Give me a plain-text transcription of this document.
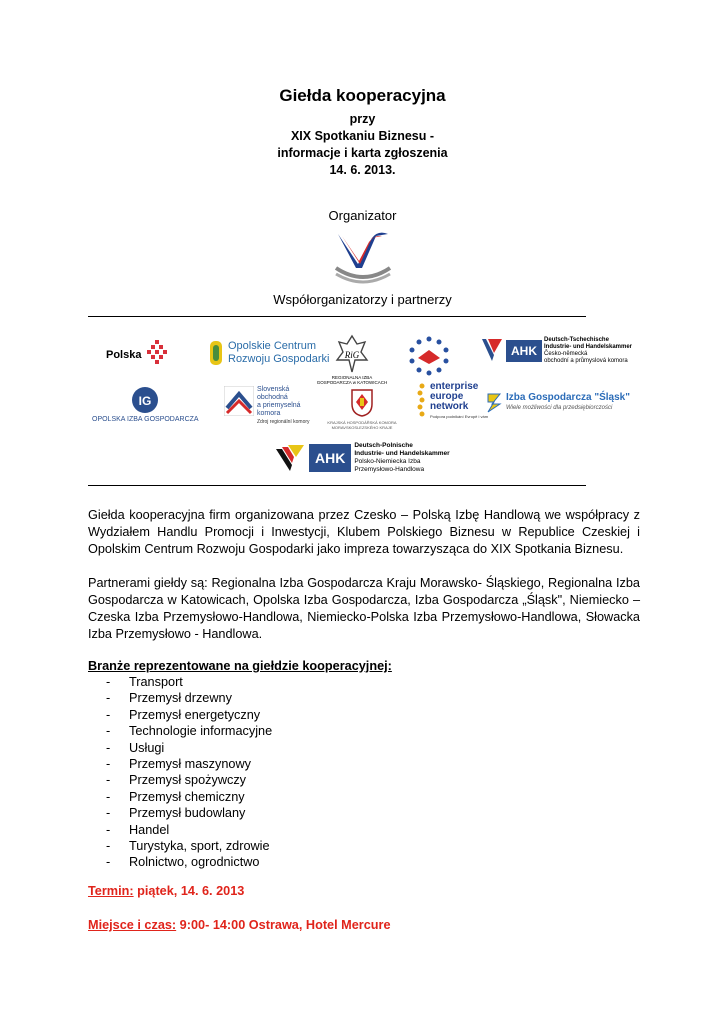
Giełda kooperacyjna
przy
XIX Spotkaniu Biznesu -
informacje i karta zgłoszenia
14. 6. 2013.
Organizator
Współorganizatorzy i partnerzy
Polska
Opolskie Centrum
Rozwoju Gospodarki RiG
REGIONALNA IZBA GOSPODARCZA w KATOWICACH
AHK
Deutsch-Tschechische
Industrie- und Handelskammer
Česko-německá
obchodní a průmyslová komora
IG
OPOLSKA IZBA GOSPODARCZA
Slovenská
obchodná
a priemyselná
komora
Zdroj regionální komory	KRAJSKÁ HOSPODÁŘSKÁ KOMORA MORAVSKOSLEZSKÉHO KRAJE
enterprise
europe
network
Podpora podnikání Evropě i vám
Izba Gospodarcza "Śląsk"
Wiele możliwości dla przedsiębiorczości
AHK
Deutsch-Polnische
Industrie- und Handelskammer
Polsko-Niemiecka Izba
Przemysłowo-Handlowa
Giełda kooperacyjna firm organizowana przez Czesko – Polską Izbę Handlową we współpracy z Wydziałem Handlu Promocji i Inwestycji, Klubem Polskiego Biznesu w Republice Czeskiej i Opolskim Centrum Rozwoju Gospodarki jako impreza towarzysząca do XIX Spotkania Biznesu.
Partnerami giełdy są: Regionalna Izba Gospodarcza Kraju Morawsko- Śląskiego, Regionalna Izba Gospodarcza w Katowicach, Opolska Izba Gospodarcza, Izba Gospodarcza „Śląsk", Niemiecko – Czeska Izba Przemysłowo-Handlowa, Niemiecko-Polska Izba Przemysłowo-Handlowa, Słowacka Izba Przemysłowo - Handlowa.
Branże reprezentowane na giełdzie kooperacyjnej:
-	Transport
-	Przemysł drzewny
-	Przemysł energetyczny
-	Technologie informacyjne
-	Usługi
-	Przemysł maszynowy
-	Przemysł spożywczy
-	Przemysł chemiczny
-	Przemysł budowlany
-	Handel
-	Turystyka, sport, zdrowie
-	Rolnictwo, ogrodnictwo
Termin: piątek, 14. 6. 2013
Miejsce i czas: 9:00- 14:00 Ostrawa, Hotel Mercure
